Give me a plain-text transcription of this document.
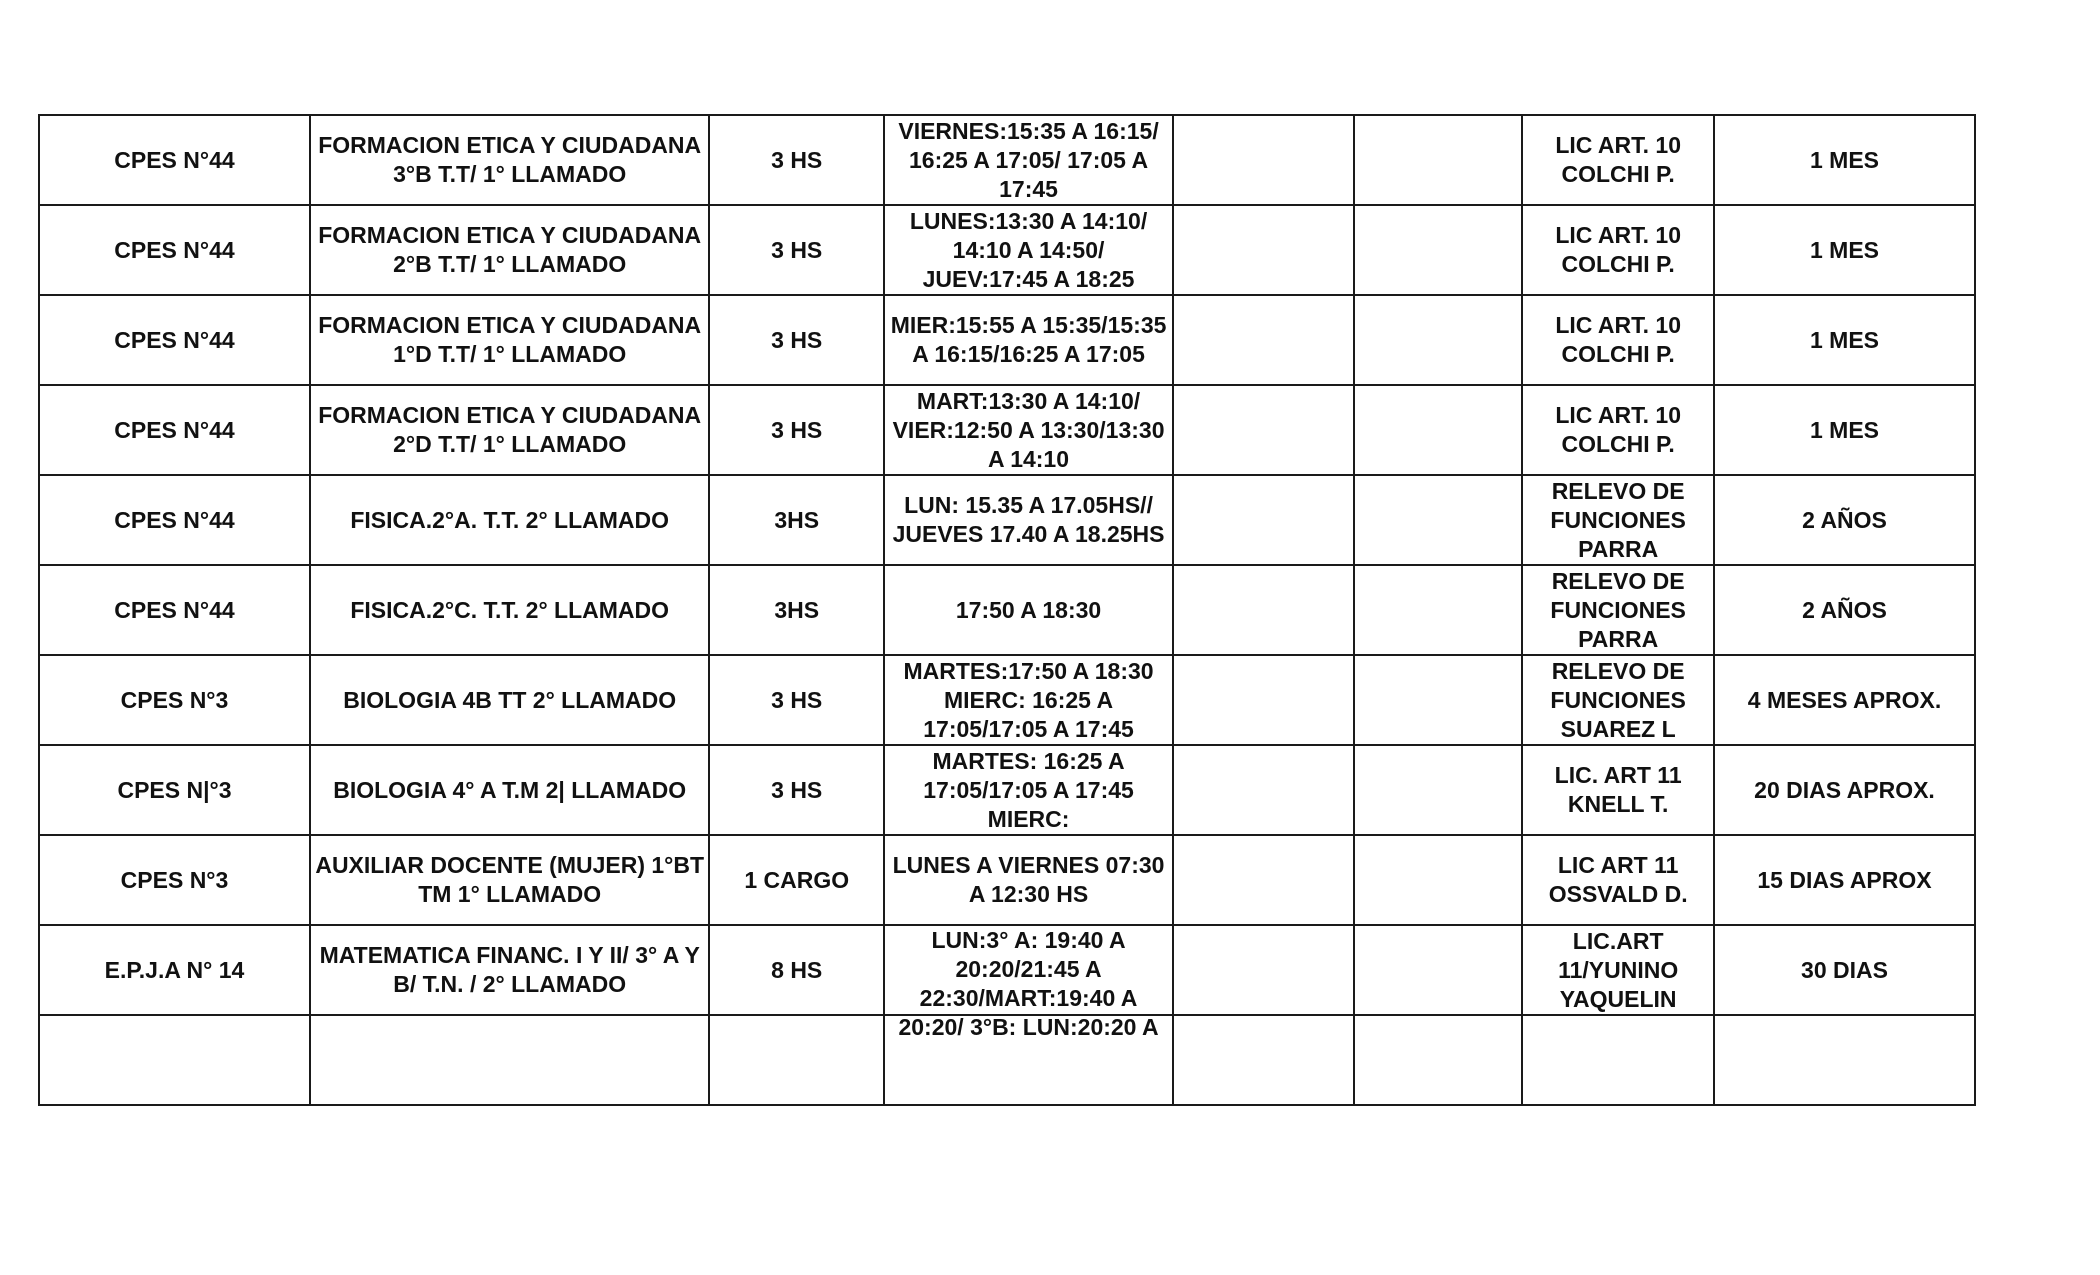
CPES N°44	FORMACION ETICA Y CIUDADANA 3°B T.T/ 1° LLAMADO	3 HS	VIERNES:15:35 A 16:15/ 16:25 A 17:05/ 17:05 A 17:45			LIC ART. 10 COLCHI P.	1 MES

CPES N°44	FORMACION ETICA Y CIUDADANA 2°B T.T/ 1° LLAMADO	3 HS	LUNES:13:30 A 14:10/ 14:10 A 14:50/ JUEV:17:45 A 18:25			LIC ART. 10 COLCHI P.	1 MES

CPES N°44	FORMACION ETICA Y CIUDADANA 1°D T.T/ 1° LLAMADO	3 HS	MIER:15:55 A 15:35/15:35 A 16:15/16:25 A 17:05			LIC ART. 10 COLCHI P.	1 MES

CPES N°44	FORMACION ETICA Y CIUDADANA 2°D T.T/ 1° LLAMADO	3 HS	MART:13:30 A 14:10/ VIER:12:50 A 13:30/13:30 A 14:10			LIC ART. 10 COLCHI P.	1 MES

CPES N°44	FISICA.2°A. T.T. 2° LLAMADO	3HS	LUN: 15.35 A 17.05HS// JUEVES 17.40 A 18.25HS			RELEVO DE FUNCIONES PARRA	2 AÑOS

CPES N°44	FISICA.2°C. T.T. 2° LLAMADO	3HS	17:50 A 18:30			RELEVO DE FUNCIONES PARRA	2 AÑOS

CPES N°3	BIOLOGIA 4B TT 2° LLAMADO	3 HS	MARTES:17:50 A 18:30 MIERC: 16:25 A 17:05/17:05 A 17:45			RELEVO DE FUNCIONES SUAREZ L	4 MESES APROX.

CPES N|°3	BIOLOGIA 4° A T.M 2| LLAMADO	3 HS	MARTES: 16:25 A 17:05/17:05 A 17:45 MIERC:			LIC. ART 11 KNELL T.	20 DIAS APROX.

CPES N°3	AUXILIAR DOCENTE (MUJER) 1°BT TM 1° LLAMADO	1 CARGO	LUNES A VIERNES 07:30 A 12:30 HS			LIC ART 11 OSSVALD D.	15 DIAS APROX

E.P.J.A N° 14	MATEMATICA FINANC. I Y II/ 3° A Y B/ T.N. / 2° LLAMADO	8 HS	LUN:3° A: 19:40 A 20:20/21:45 A 22:30/MART:19:40 A 20:20/ 3°B: LUN:20:20 A			LIC.ART 11/YUNINO YAQUELIN	30 DIAS
